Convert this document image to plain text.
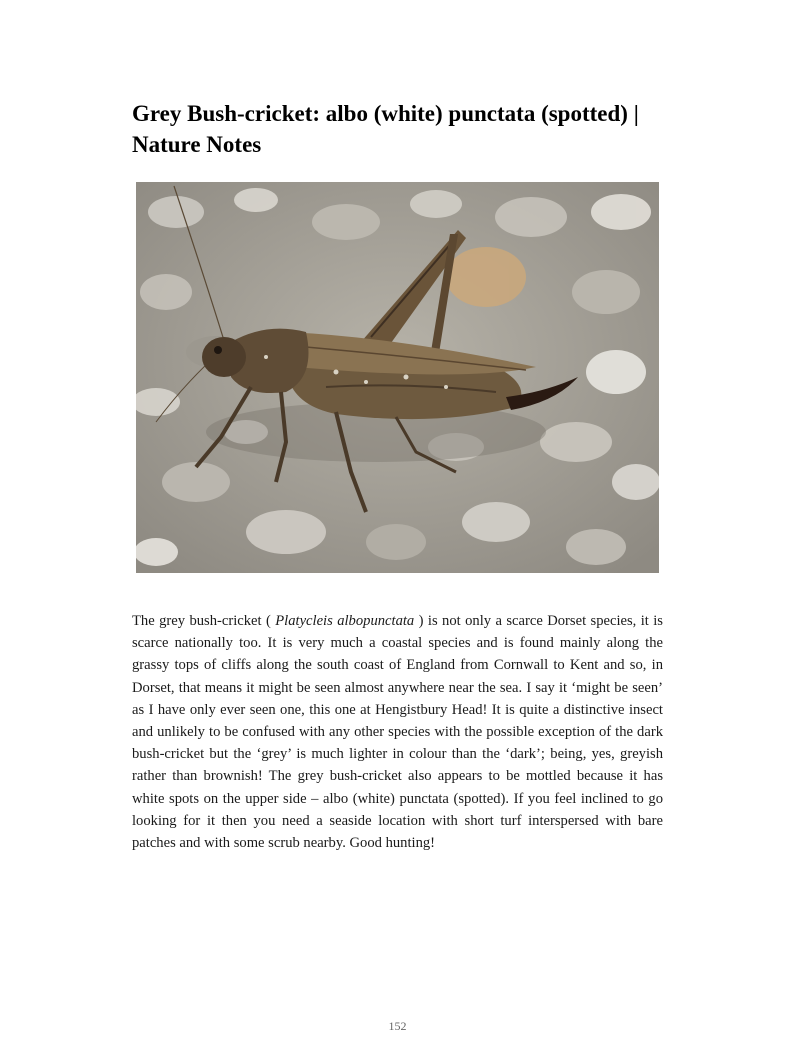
Grey Bush-cricket: albo (white) punctata (spotted) | Nature Notes

The grey bush-cricket ( Platycleis albopunctata ) is not only a scarce Dorset species, it is scarce nationally too. It is very much a coastal species and is found mainly along the grassy tops of cliffs along the south coast of England from Cornwall to Kent and so, in Dorset, that means it might be seen almost anywhere near the sea. I say it ‘might be seen’ as I have only ever seen one, this one at Hengistbury Head! It is quite a distinctive insect and unlikely to be confused with any other species with the possible exception of the dark bush-cricket but the ‘grey’ is much lighter in colour than the ‘dark’; being, yes, greyish rather than brownish! The grey bush-cricket also appears to be mottled because it has white spots on the upper side – albo (white) punctata (spotted). If you feel inclined to go looking for it then you need a seaside location with short turf interspersed with bare patches and with some scrub nearby. Good hunting!

152
